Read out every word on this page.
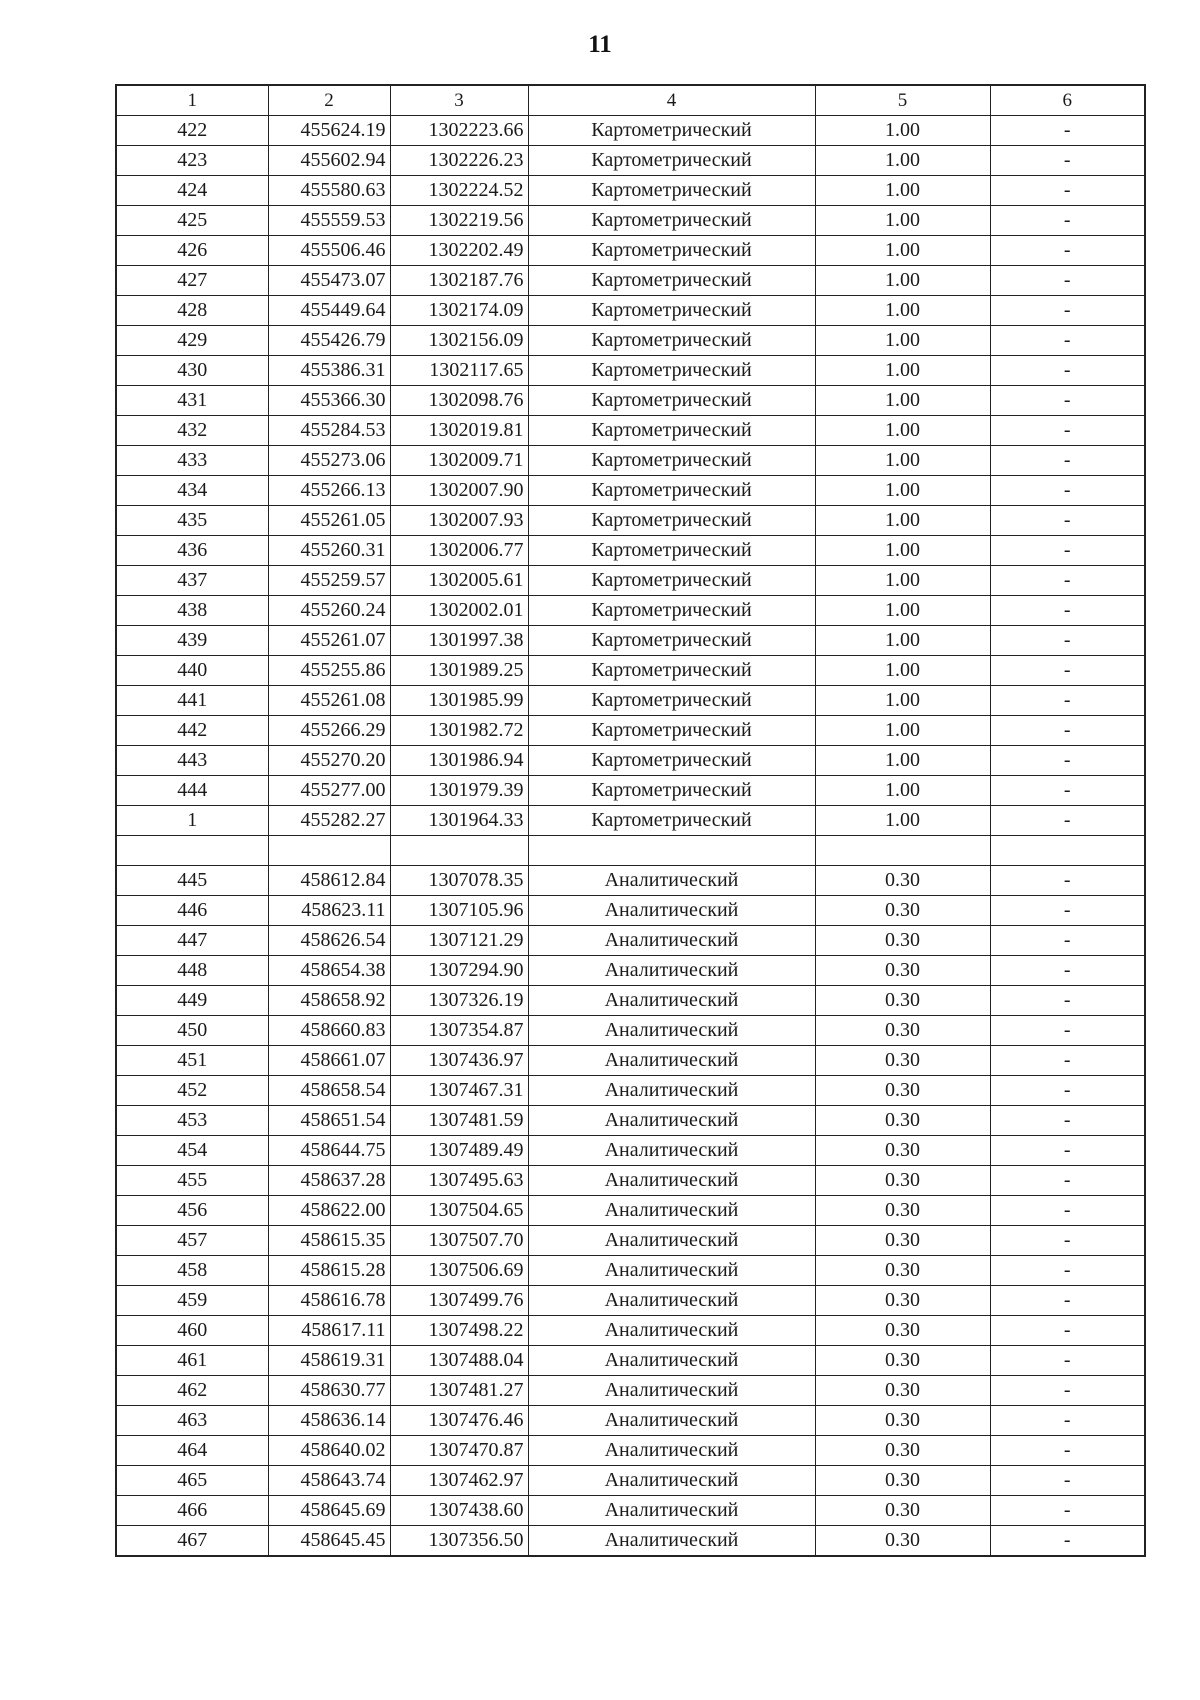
11
1	2	3	4	5	6
422	455624.19	1302223.66	Картометрический	1.00	-
423	455602.94	1302226.23	Картометрический	1.00	-
424	455580.63	1302224.52	Картометрический	1.00	-
425	455559.53	1302219.56	Картометрический	1.00	-
426	455506.46	1302202.49	Картометрический	1.00	-
427	455473.07	1302187.76	Картометрический	1.00	-
428	455449.64	1302174.09	Картометрический	1.00	-
429	455426.79	1302156.09	Картометрический	1.00	-
430	455386.31	1302117.65	Картометрический	1.00	-
431	455366.30	1302098.76	Картометрический	1.00	-
432	455284.53	1302019.81	Картометрический	1.00	-
433	455273.06	1302009.71	Картометрический	1.00	-
434	455266.13	1302007.90	Картометрический	1.00	-
435	455261.05	1302007.93	Картометрический	1.00	-
436	455260.31	1302006.77	Картометрический	1.00	-
437	455259.57	1302005.61	Картометрический	1.00	-
438	455260.24	1302002.01	Картометрический	1.00	-
439	455261.07	1301997.38	Картометрический	1.00	-
440	455255.86	1301989.25	Картометрический	1.00	-
441	455261.08	1301985.99	Картометрический	1.00	-
442	455266.29	1301982.72	Картометрический	1.00	-
443	455270.20	1301986.94	Картометрический	1.00	-
444	455277.00	1301979.39	Картометрический	1.00	-
1	455282.27	1301964.33	Картометрический	1.00	-

445	458612.84	1307078.35	Аналитический	0.30	-
446	458623.11	1307105.96	Аналитический	0.30	-
447	458626.54	1307121.29	Аналитический	0.30	-
448	458654.38	1307294.90	Аналитический	0.30	-
449	458658.92	1307326.19	Аналитический	0.30	-
450	458660.83	1307354.87	Аналитический	0.30	-
451	458661.07	1307436.97	Аналитический	0.30	-
452	458658.54	1307467.31	Аналитический	0.30	-
453	458651.54	1307481.59	Аналитический	0.30	-
454	458644.75	1307489.49	Аналитический	0.30	-
455	458637.28	1307495.63	Аналитический	0.30	-
456	458622.00	1307504.65	Аналитический	0.30	-
457	458615.35	1307507.70	Аналитический	0.30	-
458	458615.28	1307506.69	Аналитический	0.30	-
459	458616.78	1307499.76	Аналитический	0.30	-
460	458617.11	1307498.22	Аналитический	0.30	-
461	458619.31	1307488.04	Аналитический	0.30	-
462	458630.77	1307481.27	Аналитический	0.30	-
463	458636.14	1307476.46	Аналитический	0.30	-
464	458640.02	1307470.87	Аналитический	0.30	-
465	458643.74	1307462.97	Аналитический	0.30	-
466	458645.69	1307438.60	Аналитический	0.30	-
467	458645.45	1307356.50	Аналитический	0.30	-
